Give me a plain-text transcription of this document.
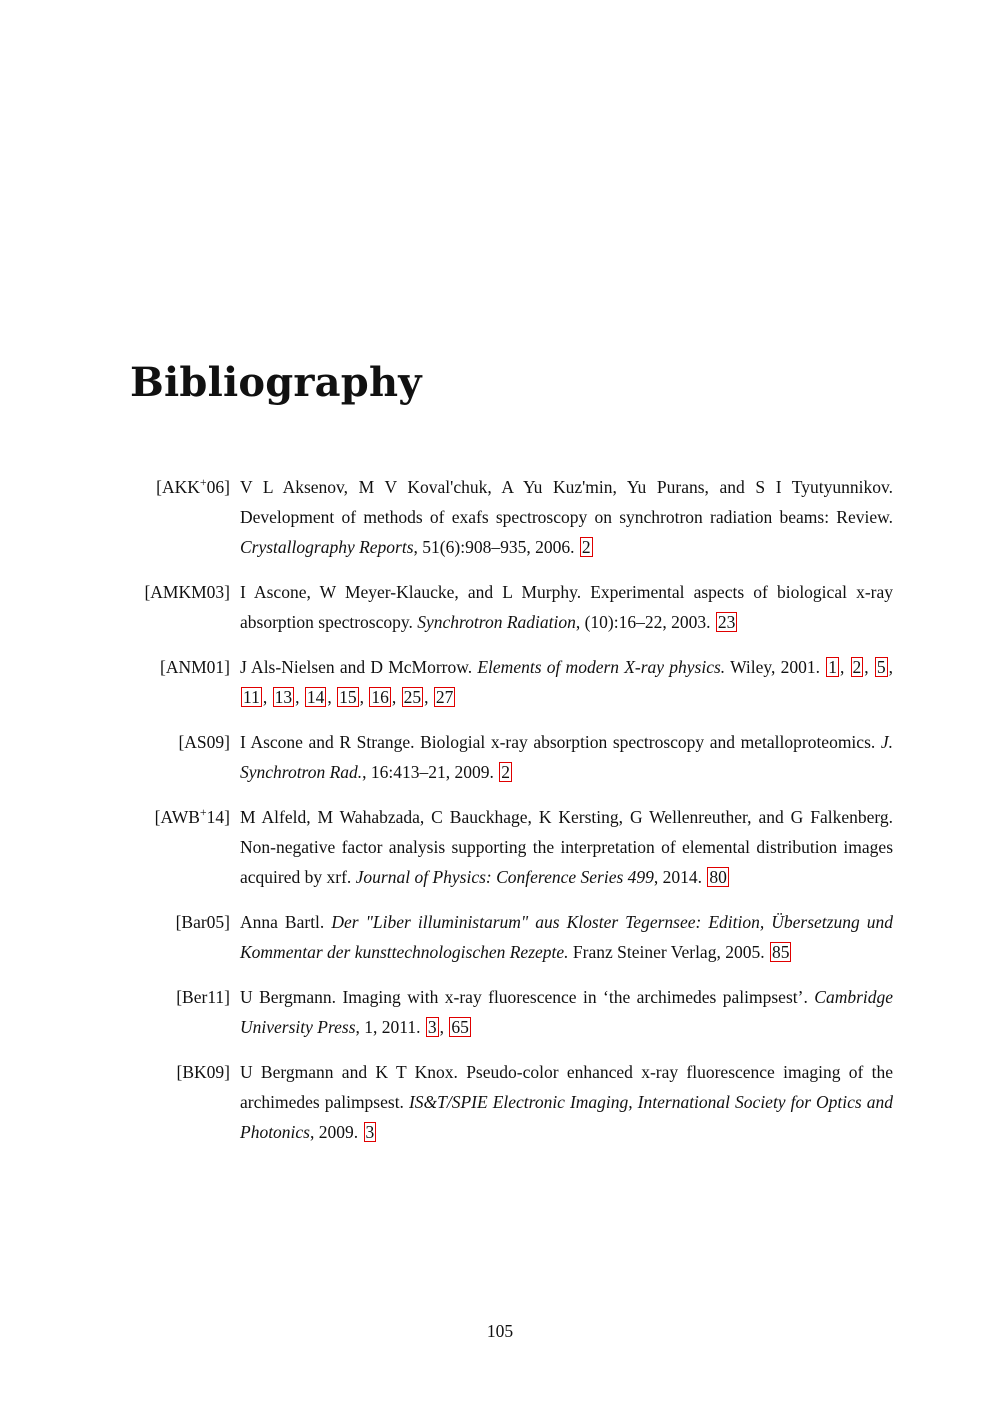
Bibliography
[AKK+06] V L Aksenov, M V Koval'chuk, A Yu Kuz'min, Yu Purans, and S I Tyutyunnikov. Development of methods of exafs spectroscopy on synchrotron radiation beams: Review. Crystallography Reports, 51(6):908–935, 2006. 2
[AMKM03] I Ascone, W Meyer-Klaucke, and L Murphy. Experimental aspects of biological x-ray absorption spectroscopy. Synchrotron Radiation, (10):16–22, 2003. 23
[ANM01] J Als-Nielsen and D McMorrow. Elements of modern X-ray physics. Wiley, 2001. 1 , 2 , 5 , 11 , 13 , 14 , 15 , 16 , 25 , 27
[AS09] I Ascone and R Strange. Biologial x-ray absorption spectroscopy and metalloproteomics. J. Synchrotron Rad., 16:413–21, 2009. 2
[AWB+14] M Alfeld, M Wahabzada, C Bauckhage, K Kersting, G Wellenreuther, and G Falkenberg. Non-negative factor analysis supporting the interpretation of elemental distribution images acquired by xrf. Journal of Physics: Conference Series 499, 2014. 80
[Bar05] Anna Bartl. Der "Liber illuministarum" aus Kloster Tegernsee: Edition, Übersetzung und Kommentar der kunsttechnologischen Rezepte. Franz Steiner Verlag, 2005. 85
[Ber11] U Bergmann. Imaging with x-ray fluorescence in ‘the archimedes palimpsest’. Cambridge University Press, 1, 2011. 3 , 65
[BK09] U Bergmann and K T Knox. Pseudo-color enhanced x-ray fluorescence imaging of the archimedes palimpsest. IS&T/SPIE Electronic Imaging, International Society for Optics and Photonics, 2009. 3
105
